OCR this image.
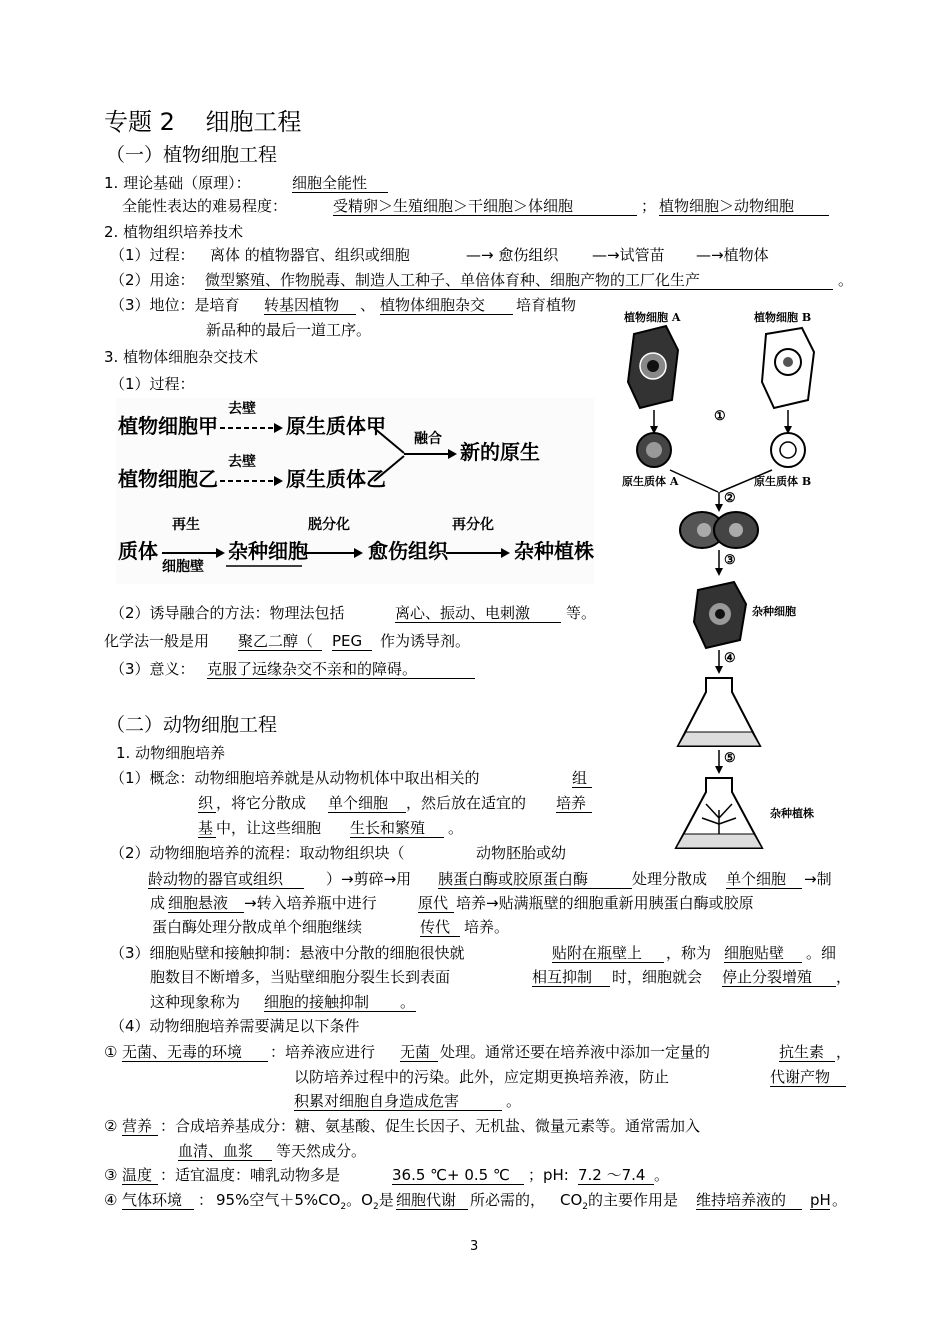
专题 2 细胞工程
（一）植物细胞工程
1. 理论基础（原理）：	细胞全能性
全能性表达的难易程度：	受精卵＞生殖细胞＞干细胞＞体细胞	； 植物细胞＞动物细胞
2. 植物组织培养技术
（1）过程： 离体 的植物器官、组织或细胞	—→ 愈伤组织 —→试管苗 —→植物体
（2）用途： 微型繁殖、作物脱毒、制造人工种子、单倍体育种、细胞产物的工厂化生产	。
（3）地位：是培育 转基因植物	、 植物体细胞杂交	培育植物
新品种的最后一道工序。
3. 植物体细胞杂交技术
（1）过程：
植物细胞甲
去壁
原生质体甲
植物细胞乙
去壁
原生质体乙
融合
新的原生
质体
再生
细胞壁
杂种细胞
脱分化
愈伤组织
再分化
杂种植株
植物细胞 A	植物细胞 B
①
原生质体 A	原生质体 B
②
③
杂种细胞
④
⑤
杂种植株
（2）诱导融合的方法：物理法包括	离心、振动、电刺激	等。
化学法一般是用 聚乙二醇（	PEG	作为诱导剂。
（3）意义： 克服了远缘杂交不亲和的障碍。
（二）动物细胞工程
1. 动物细胞培养
（1）概念：动物细胞培养就是从动物机体中取出相关的	组
织 ，将它分散成 单个细胞	，然后放在适宜的 培养
基 中，让这些细胞 生长和繁殖	。
（2）动物细胞培养的流程：取动物组织块（	动物胚胎或幼
龄动物的器官或组织	）→剪碎→用 胰蛋白酶或胶原蛋白酶	处理分散成 单个细胞	→制
成 细胞悬液	→转入培养瓶中进行	原代 培养→贴满瓶壁的细胞重新用胰蛋白酶或胶原
蛋白酶处理分散成单个细胞继续	传代 培养。
（3）细胞贴壁和接触抑制：悬液中分散的细胞很快就	贴附在瓶壁上	，称为 细胞贴壁	。细
胞数目不断增多，当贴壁细胞分裂生长到表面	相互抑制	时，细胞就会 停止分裂增殖	，
这种现象称为 细胞的接触抑制	。
（4）动物细胞培养需要满足以下条件
① 无菌、无毒的环境	：培养液应进行 无菌 处理。通常还要在培养液中添加一定量的	抗生素 ，
以防培养过程中的污染。此外，应定期更换培养液，防止	代谢产物
积累对细胞自身造成危害	。
② 营养 ：合成培养基成分：糖、氨基酸、促生长因子、无机盐、微量元素等。通常需加入
血清、血浆	等天然成分。
③ 温度 ：适宜温度：哺乳动物多是	36.5 ℃+ 0.5 ℃	；pH: 7.2 ～7.4 。
④ 气体环境	： 95%空气$+5\%CO_2$。$O_2$是 细胞代谢 所必需的， $CO_2$的主要作用是 维持培养液的	pH 。
3
